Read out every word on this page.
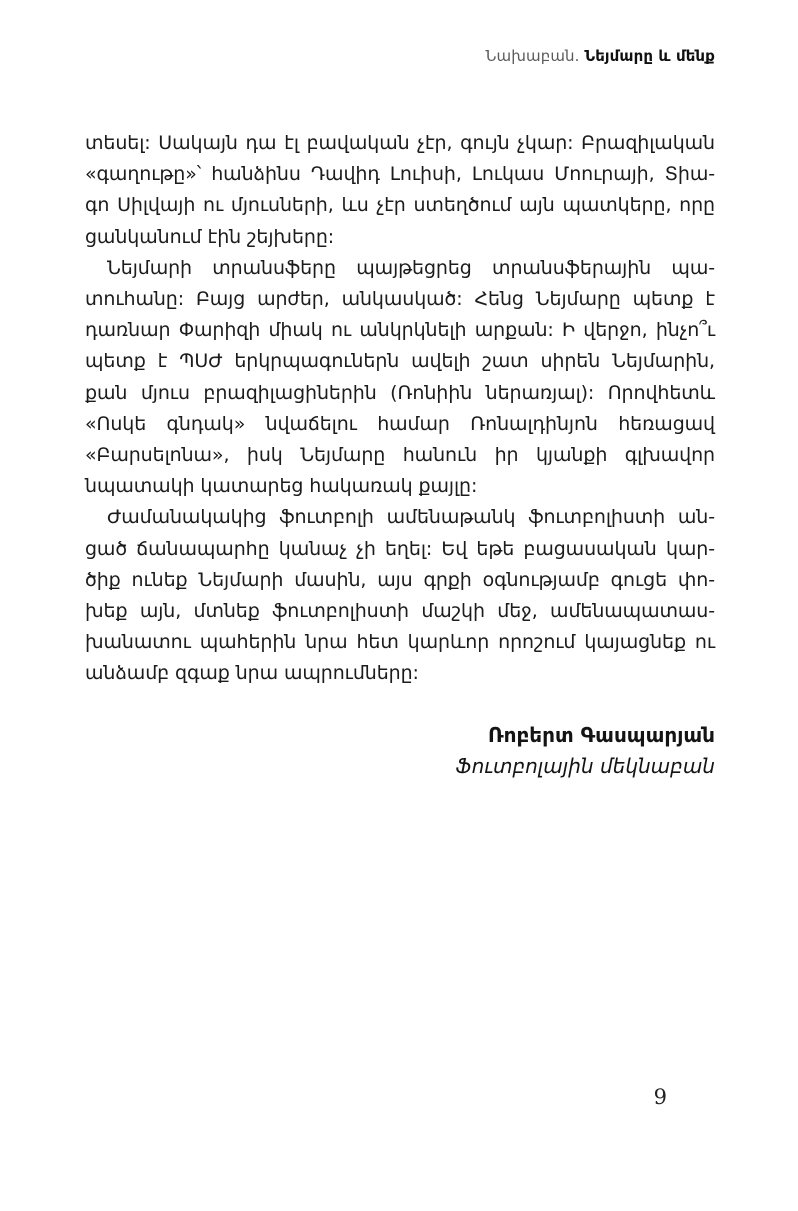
Նախաբան. Նեյմարը և մենք
տեսել: Սակայն դա էլ բավական չէր, գույն չկար: Բրազիլական
«գաղութը»՝ հանձինս Դավիդ Լուիսի, Լուկաս Մոուրայի, Տիա-
գո Սիլվայի ու մյուսների, ևս չէր ստեղծում այն պատկերը, որը
ցանկանում էին շեյխերը:
Նեյմարի տրանսֆերը պայթեցրեց տրանսֆերային պա-
տուհանը: Բայց արժեր, անկասկած: Հենց Նեյմարը պետք է
դառնար Փարիզի միակ ու անկրկնելի արքան: Ի վերջո, ինչո՞ւ
պետք է ՊՍԺ երկրպագուներն ավելի շատ սիրեն Նեյմարին,
քան մյուս բրազիլացիներին (Ռոնիին ներառյալ): Որովհետև
«Ոսկե գնդակ» նվաճելու համար Ռոնալդինյոն հեռացավ
«Բարսելոնա», իսկ Նեյմարը հանուն իր կյանքի գլխավոր
նպատակի կատարեց հակառակ քայլը:
Ժամանակակից ֆուտբոլի ամենաթանկ ֆուտբոլիստի ան-
ցած ճանապարհը կանաչ չի եղել: Եվ եթե բացասական կար-
ծիք ունեք Նեյմարի մասին, այս գրքի օգնությամբ գուցե փո-
խեք այն, մտնեք ֆուտբոլիստի մաշկի մեջ, ամենապատաս-
խանատու պահերին նրա հետ կարևոր որոշում կայացնեք ու
անձամբ զգաք նրա ապրումները:
Ռոբերտ Գասպարյան
Ֆուտբոլային մեկնաբան
9
